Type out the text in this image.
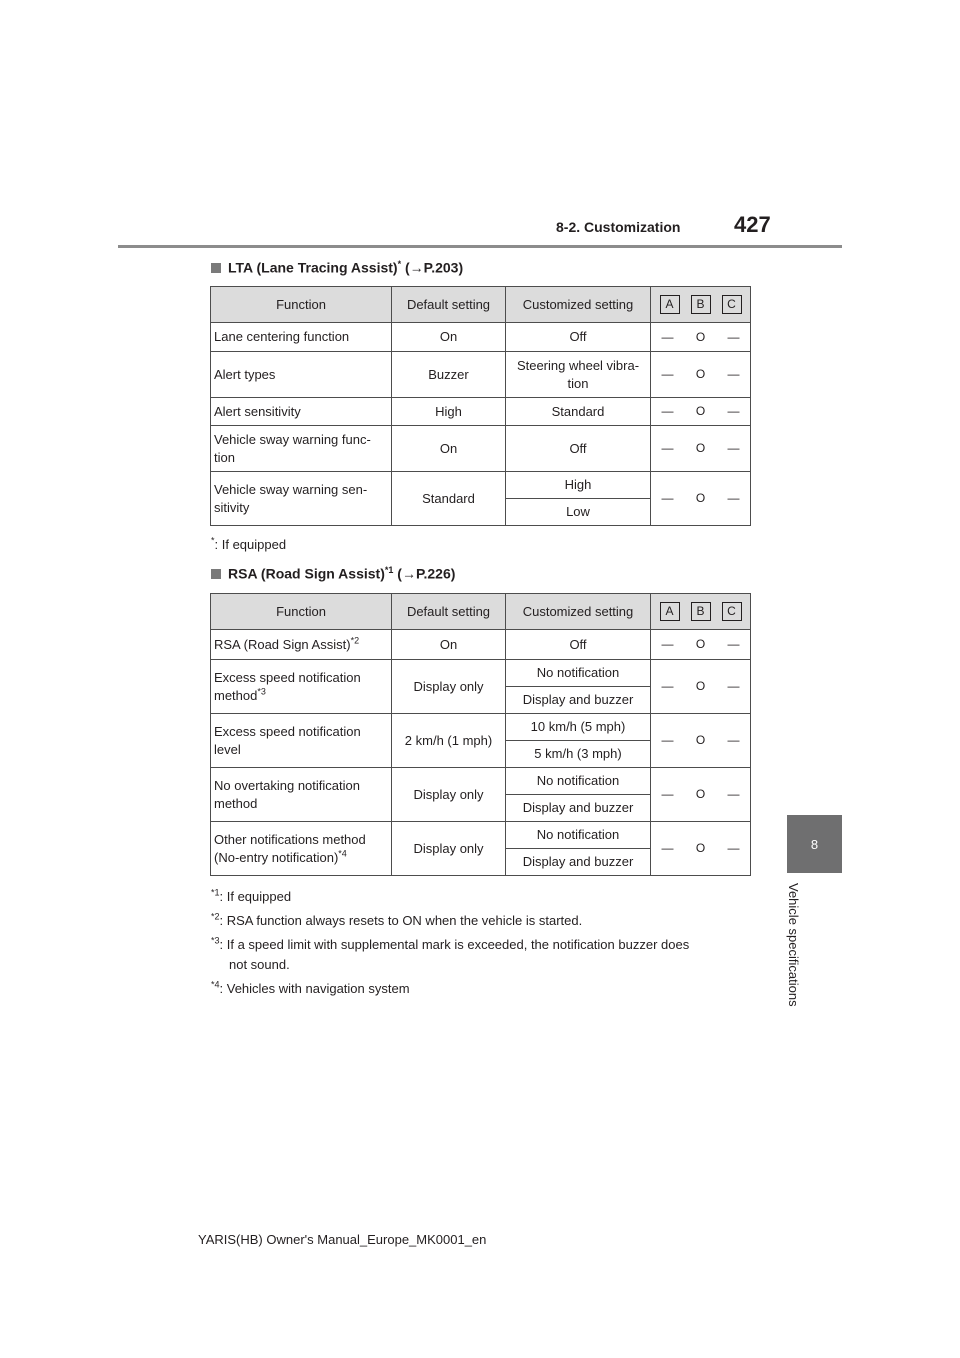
8-2. Customization 427
8
Vehicle specifications
LTA (Lane Tracing Assist)* (→P.203)
Function	Default setting	Customized setting	A B C

Lane centering function	On	Off	— O —

Alert types	Buzzer	Steering wheel vibra-
tion	— O —

Alert sensitivity	High	Standard	— O —

Vehicle sway warning func-
tion	On	Off	— O —

Vehicle sway warning sen-
sitivity	Standard	High	— O —

		Low	
*: If equipped
RSA (Road Sign Assist)$^{*1}$ (→P.226)
Function	Default setting	Customized setting	A B C

RSA (Road Sign Assist)$^{*2}$	On	Off	— O —

Excess speed notification
method$^{*3}$	Display only	No notification	— O —

		Display and buzzer	
Excess speed notification
level	2 km/h (1 mph)	10 km/h (5 mph)	— O —

		5 km/h (3 mph)	
No overtaking notification
method	Display only	No notification	— O —

		Display and buzzer	
Other notifications method
(No-entry notification)$^{*4}$	Display only	No notification	— O —

		Display and buzzer	
$^{*1}$: If equipped
$^{*2}$: RSA function always resets to ON when the vehicle is started.
$^{*3}$: If a speed limit with supplemental mark is exceeded, the notification buzzer does
not sound.
$^{*4}$: Vehicles with navigation system
YARIS(HB) Owner's Manual_Europe_MK0001_en
